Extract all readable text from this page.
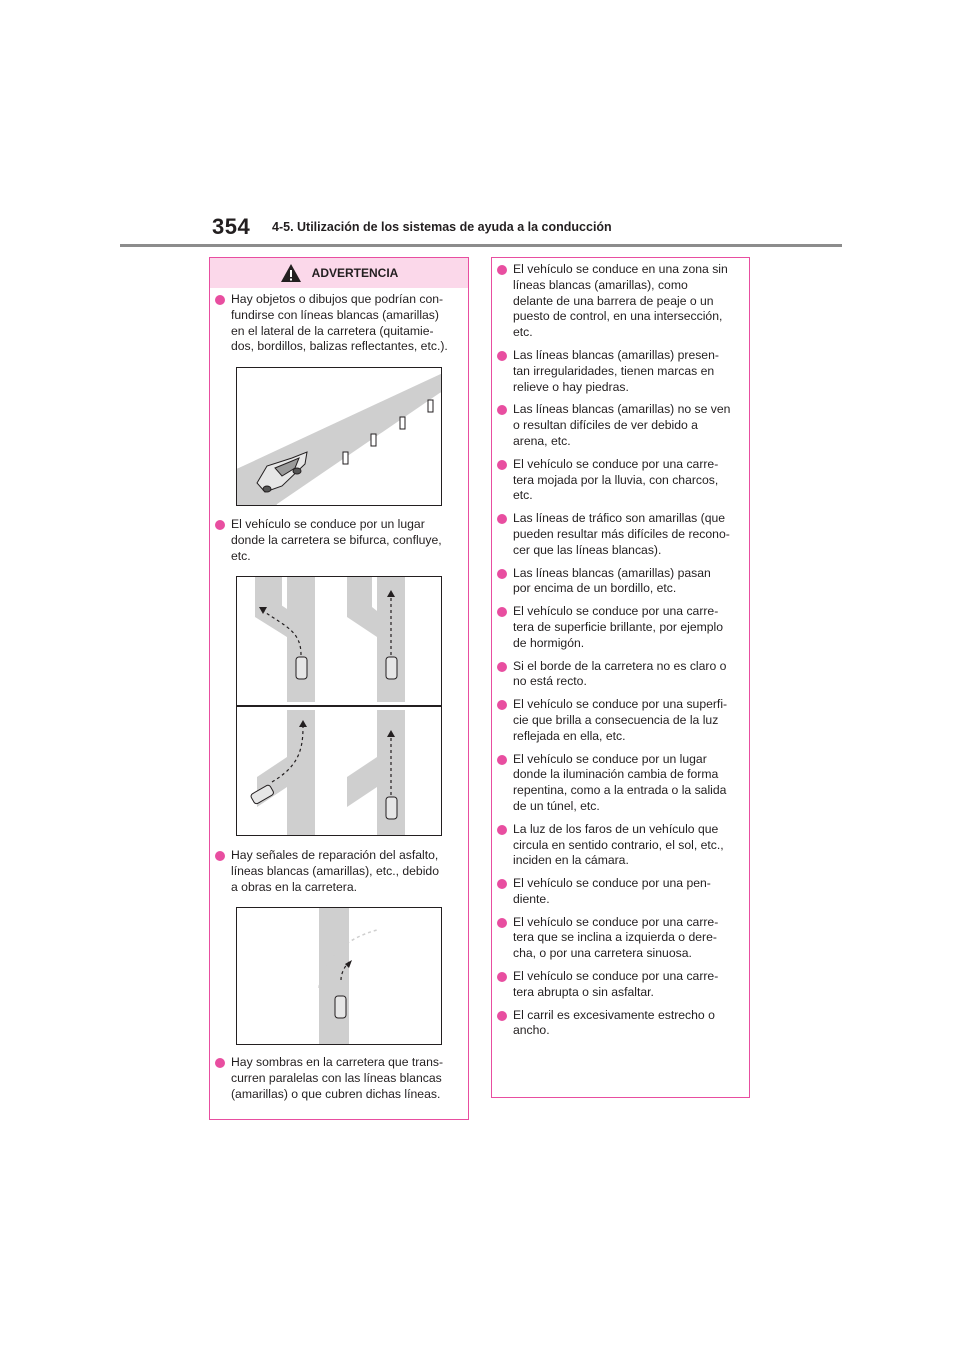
354 4-5. Utilización de los sistemas de ayuda a la conducción
ADVERTENCIA
Hay objetos o dibujos que podrían con-
fundirse con líneas blancas (amarillas)
en el lateral de la carretera (quitamie-
dos, bordillos, balizas reflectantes, etc.).
El vehículo se conduce por un lugar
donde la carretera se bifurca, confluye,
etc.
Hay señales de reparación del asfalto,
líneas blancas (amarillas), etc., debido
a obras en la carretera.
Hay sombras en la carretera que trans-
curren paralelas con las líneas blancas
(amarillas) o que cubren dichas líneas.
El vehículo se conduce en una zona sin
líneas blancas (amarillas), como
delante de una barrera de peaje o un
puesto de control, en una intersección,
etc.
Las líneas blancas (amarillas) presen-
tan irregularidades, tienen marcas en
relieve o hay piedras.
Las líneas blancas (amarillas) no se ven
o resultan difíciles de ver debido a
arena, etc.
El vehículo se conduce por una carre-
tera mojada por la lluvia, con charcos,
etc.
Las líneas de tráfico son amarillas (que
pueden resultar más difíciles de recono-
cer que las líneas blancas).
Las líneas blancas (amarillas) pasan
por encima de un bordillo, etc.
El vehículo se conduce por una carre-
tera de superficie brillante, por ejemplo
de hormigón.
Si el borde de la carretera no es claro o
no está recto.
El vehículo se conduce por una superfi-
cie que brilla a consecuencia de la luz
reflejada en ella, etc.
El vehículo se conduce por un lugar
donde la iluminación cambia de forma
repentina, como a la entrada o la salida
de un túnel, etc.
La luz de los faros de un vehículo que
circula en sentido contrario, el sol, etc.,
inciden en la cámara.
El vehículo se conduce por una pen-
diente.
El vehículo se conduce por una carre-
tera que se inclina a izquierda o dere-
cha, o por una carretera sinuosa.
El vehículo se conduce por una carre-
tera abrupta o sin asfaltar.
El carril es excesivamente estrecho o
ancho.
